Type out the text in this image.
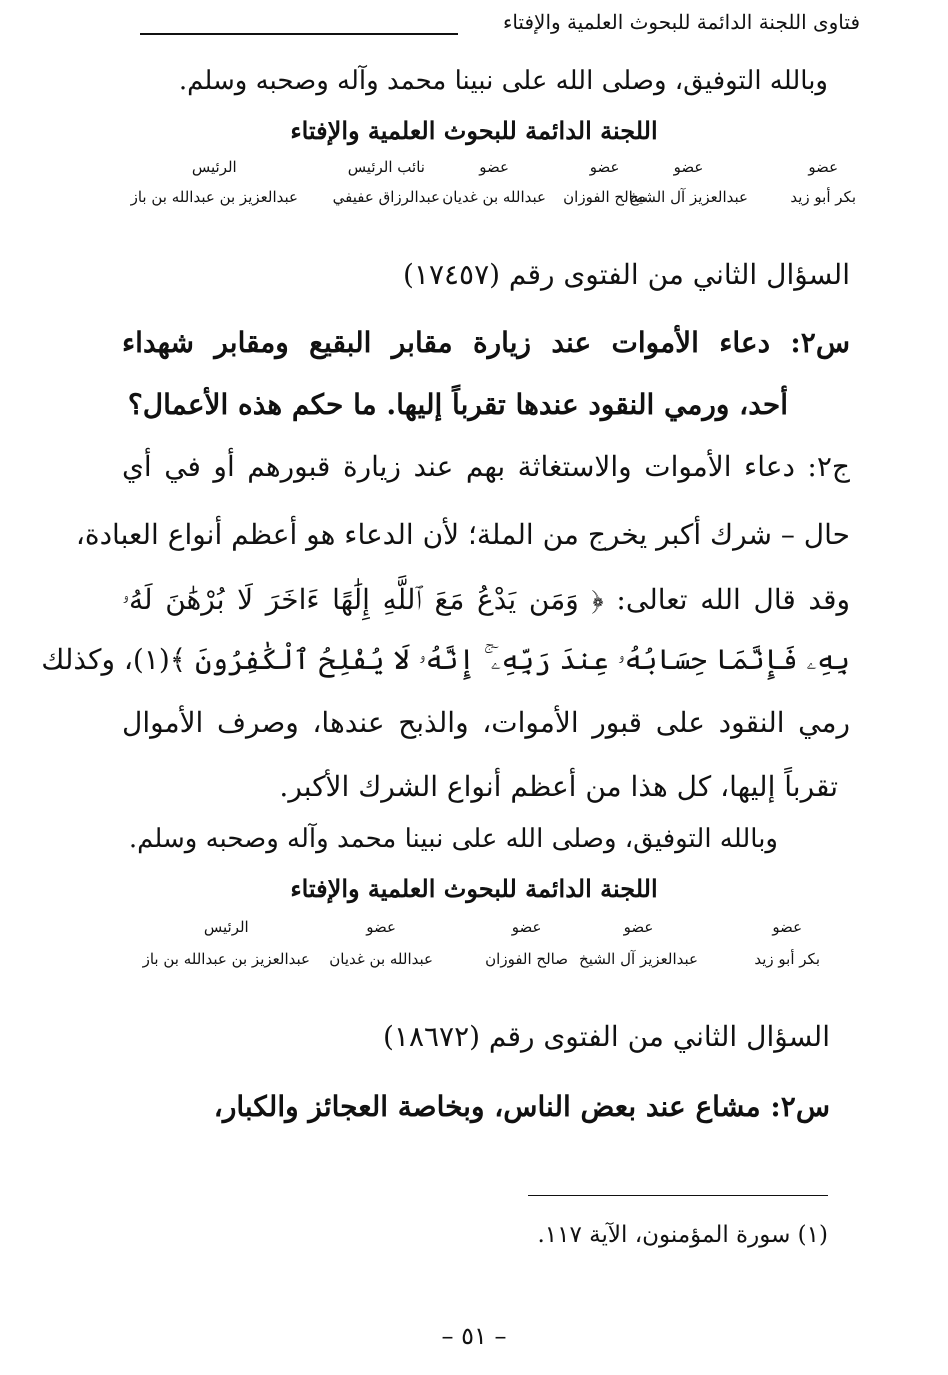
فتاوى اللجنة الدائمة للبحوث العلمية والإفتاء
وبالله التوفيق، وصلى الله على نبينا محمد وآله وصحبه وسلم.
اللجنة الدائمة للبحوث العلمية والإفتاء
عضو
بكر أبو زيد
عضو
عبدالعزيز آل الشيخ
عضو
صالح الفوزان
عضو
عبدالله بن غديان
نائب الرئيس
عبدالرزاق عفيفي
الرئيس
عبدالعزيز بن عبدالله بن باز
السؤال الثاني من الفتوى رقم (١٧٤٥٧)
س٢: دعاء الأموات عند زيارة مقابر البقيع ومقابر شهداء
أحد، ورمي النقود عندها تقرباً إليها. ما حكم هذه الأعمال؟
ج٢: دعاء الأموات والاستغاثة بهم عند زيارة قبورهم أو في أي
حال – شرك أكبر يخرج من الملة؛ لأن الدعاء هو أعظم أنواع العبادة،
وقد قال الله تعالى: ﴿ وَمَن يَدْعُ مَعَ ٱللَّهِ إِلَٰهًا ءَاخَرَ لَا بُرْهَٰنَ لَهُۥ
بِهِۦ فَإِنَّمَا حِسَابُهُۥ عِندَ رَبِّهِۦٓ ۚ إِنَّهُۥ لَا يُفْلِحُ ٱلْكَٰفِرُونَ ﴾(١)، وكذلك
رمي النقود على قبور الأموات، والذبح عندها، وصرف الأموال
تقرباً إليها، كل هذا من أعظم أنواع الشرك الأكبر.
وبالله التوفيق، وصلى الله على نبينا محمد وآله وصحبه وسلم.
اللجنة الدائمة للبحوث العلمية والإفتاء
عضو
بكر أبو زيد
عضو
عبدالعزيز آل الشيخ
عضو
صالح الفوزان
عضو
عبدالله بن غديان
الرئيس
عبدالعزيز بن عبدالله بن باز
السؤال الثاني من الفتوى رقم (١٨٦٧٢)
س٢: مشاع عند بعض الناس، وبخاصة العجائز والكبار،
(١) سورة المؤمنون، الآية ١١٧.
– ٥١ –
